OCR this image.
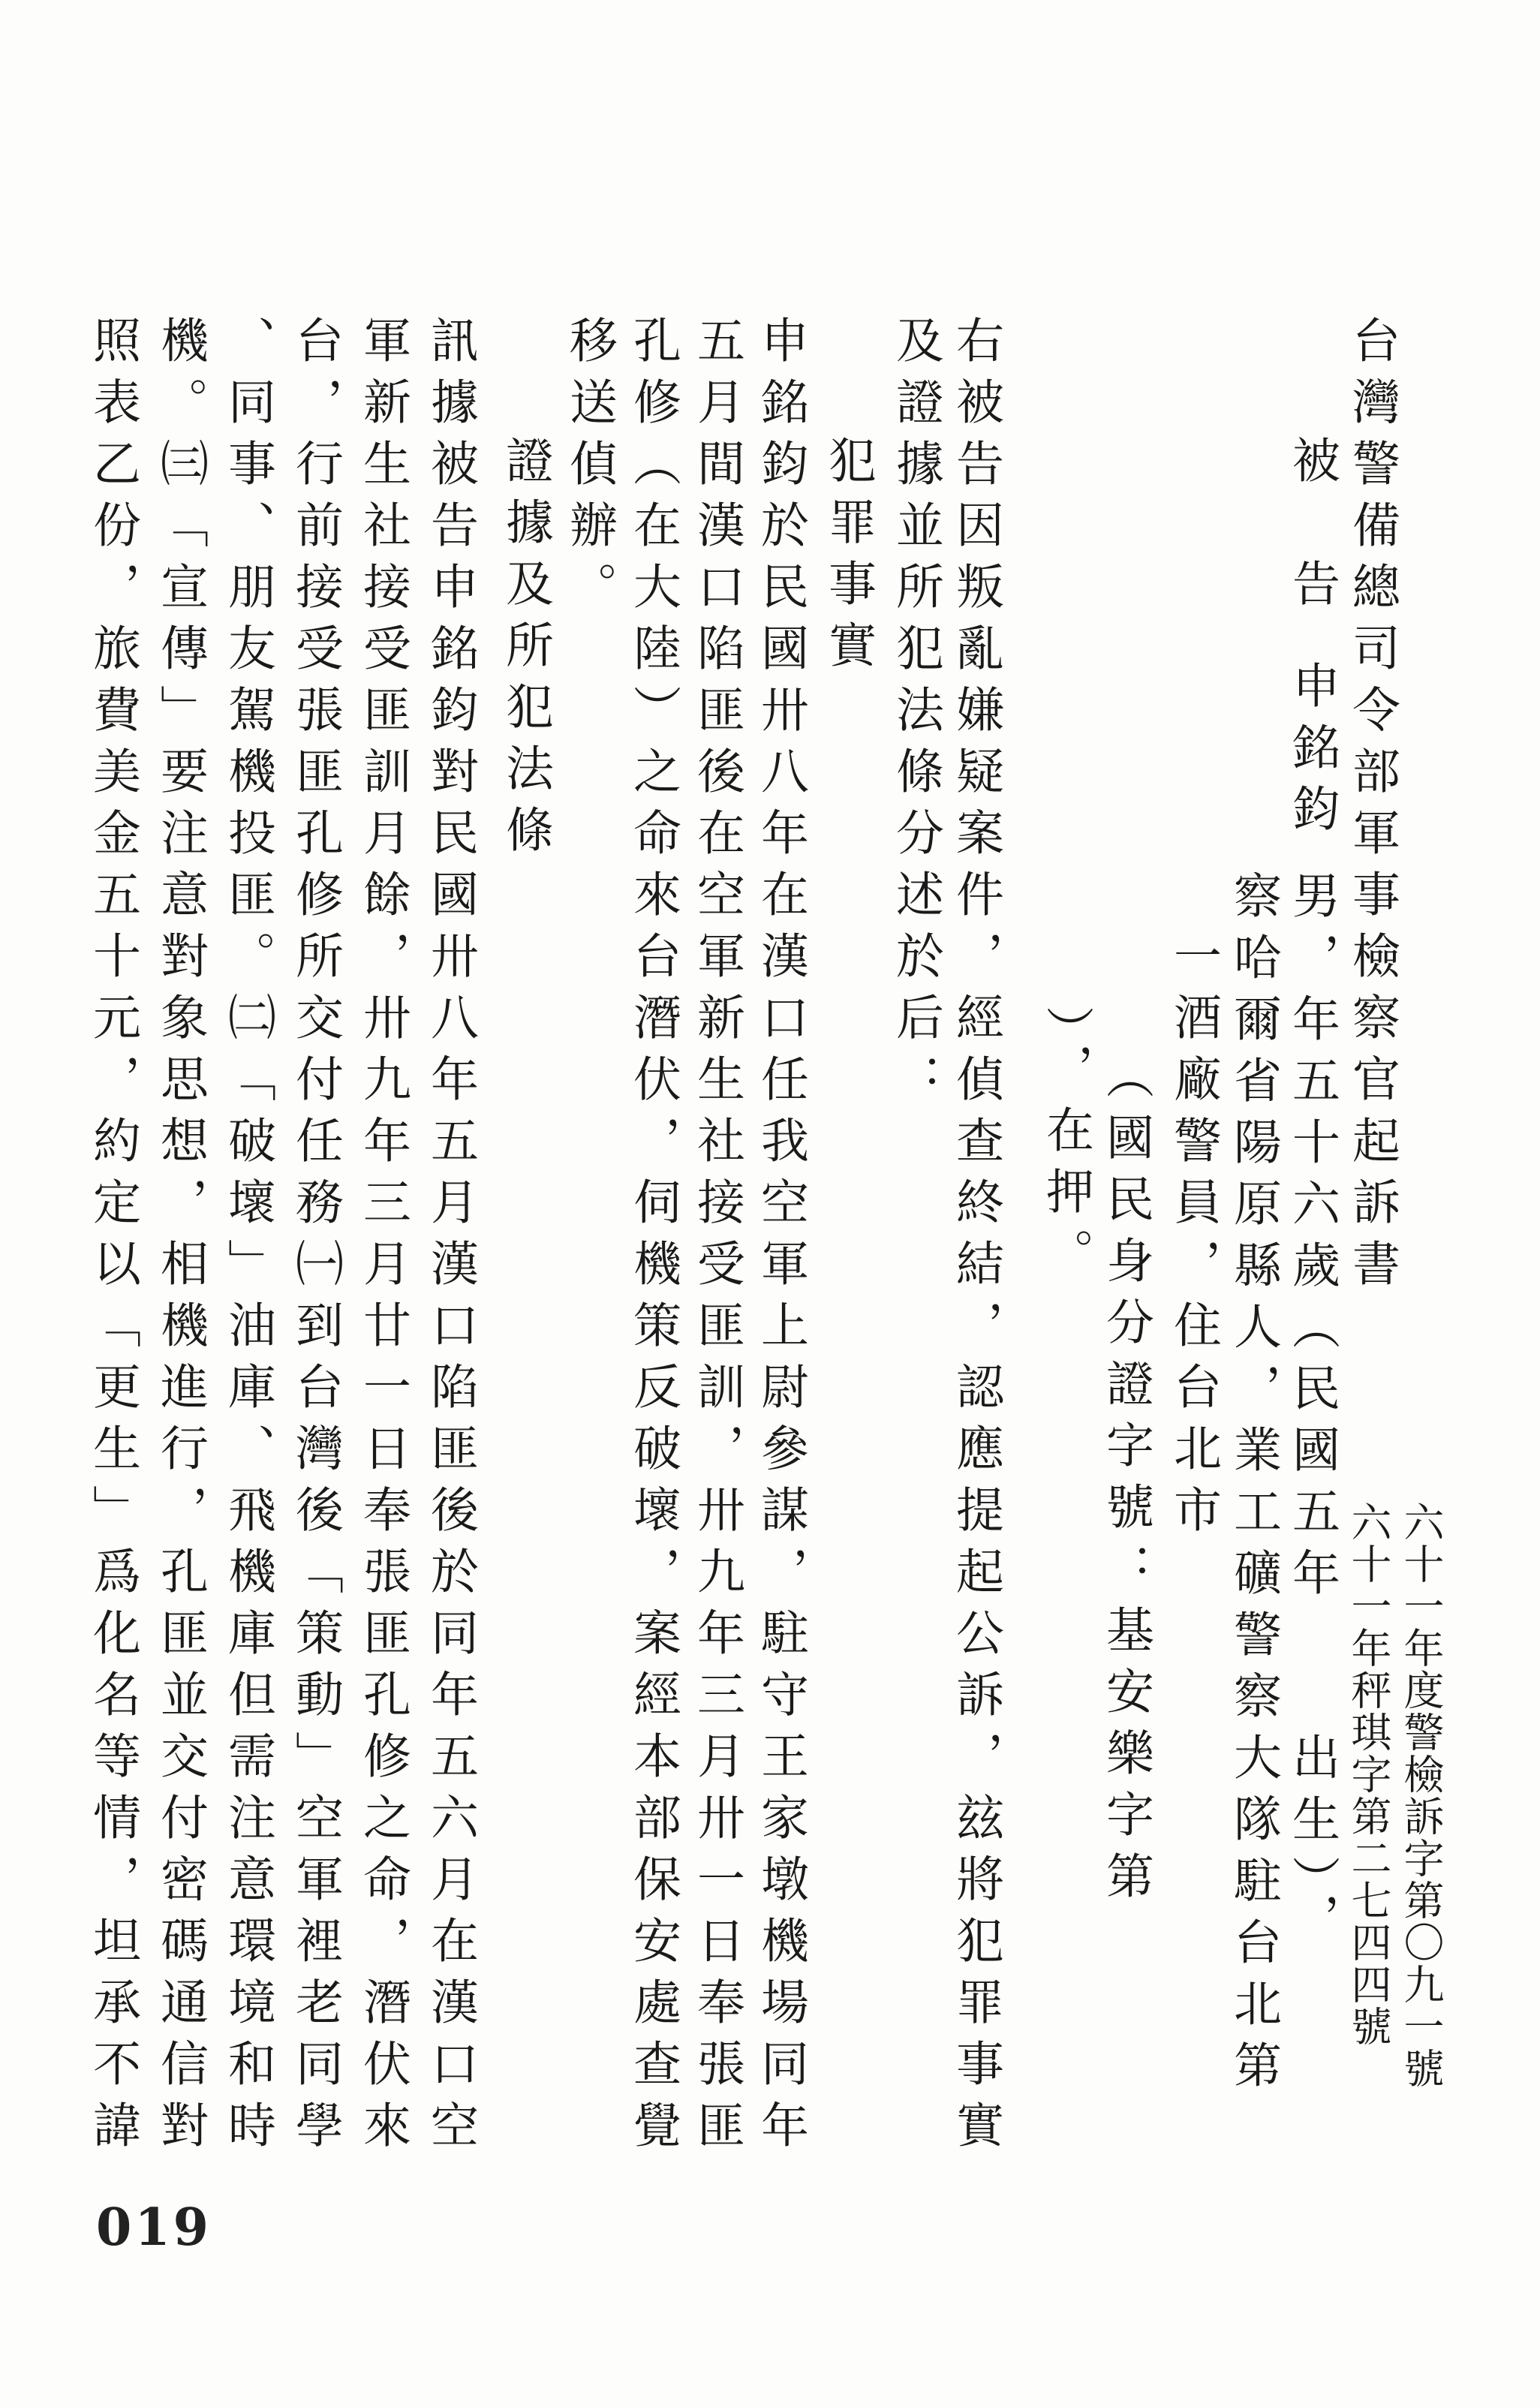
台灣警備總司令部軍事檢察官起訴書
六十一年度警檢訴字第〇九一號
六十一年秤琪字第二七四四號
被　告
申銘鈞
男，年五十六歲（民國五年　　出生），
察哈爾省陽原縣人，業工礦警察大隊駐台北第
一酒廠警員，住台北市
（國民身分證字號：基安樂字第
），在押。
右被告因叛亂嫌疑案件，經偵查終結，認應提起公訴，玆將犯罪事實
及證據並所犯法條分述於后：
犯罪事實
申銘鈞於民國卅八年在漢口任我空軍上尉參謀，駐守王家墩機場同年
五月間漢口陷匪後在空軍新生社接受匪訓，卅九年三月卅一日奉張匪
孔修（在大陸）之命來台潛伏，伺機策反破壞，案經本部保安處查覺
移送偵辦。
證據及所犯法條
訊據被告申銘鈞對民國卅八年五月漢口陷匪後於同年五六月在漢口空
軍新生社接受匪訓月餘，卅九年三月廿一日奉張匪孔修之命，潛伏來
台，行前接受張匪孔修所交付任務㈠到台灣後「策動」空軍裡老同學
、同事、朋友駕機投匪。㈡「破壞」油庫、飛機庫但需注意環境和時
機。㈢「宣傳」要注意對象思想，相機進行，孔匪並交付密碼通信對
照表乙份，旅費美金五十元，約定以「更生」爲化名等情，坦承不諱
019
